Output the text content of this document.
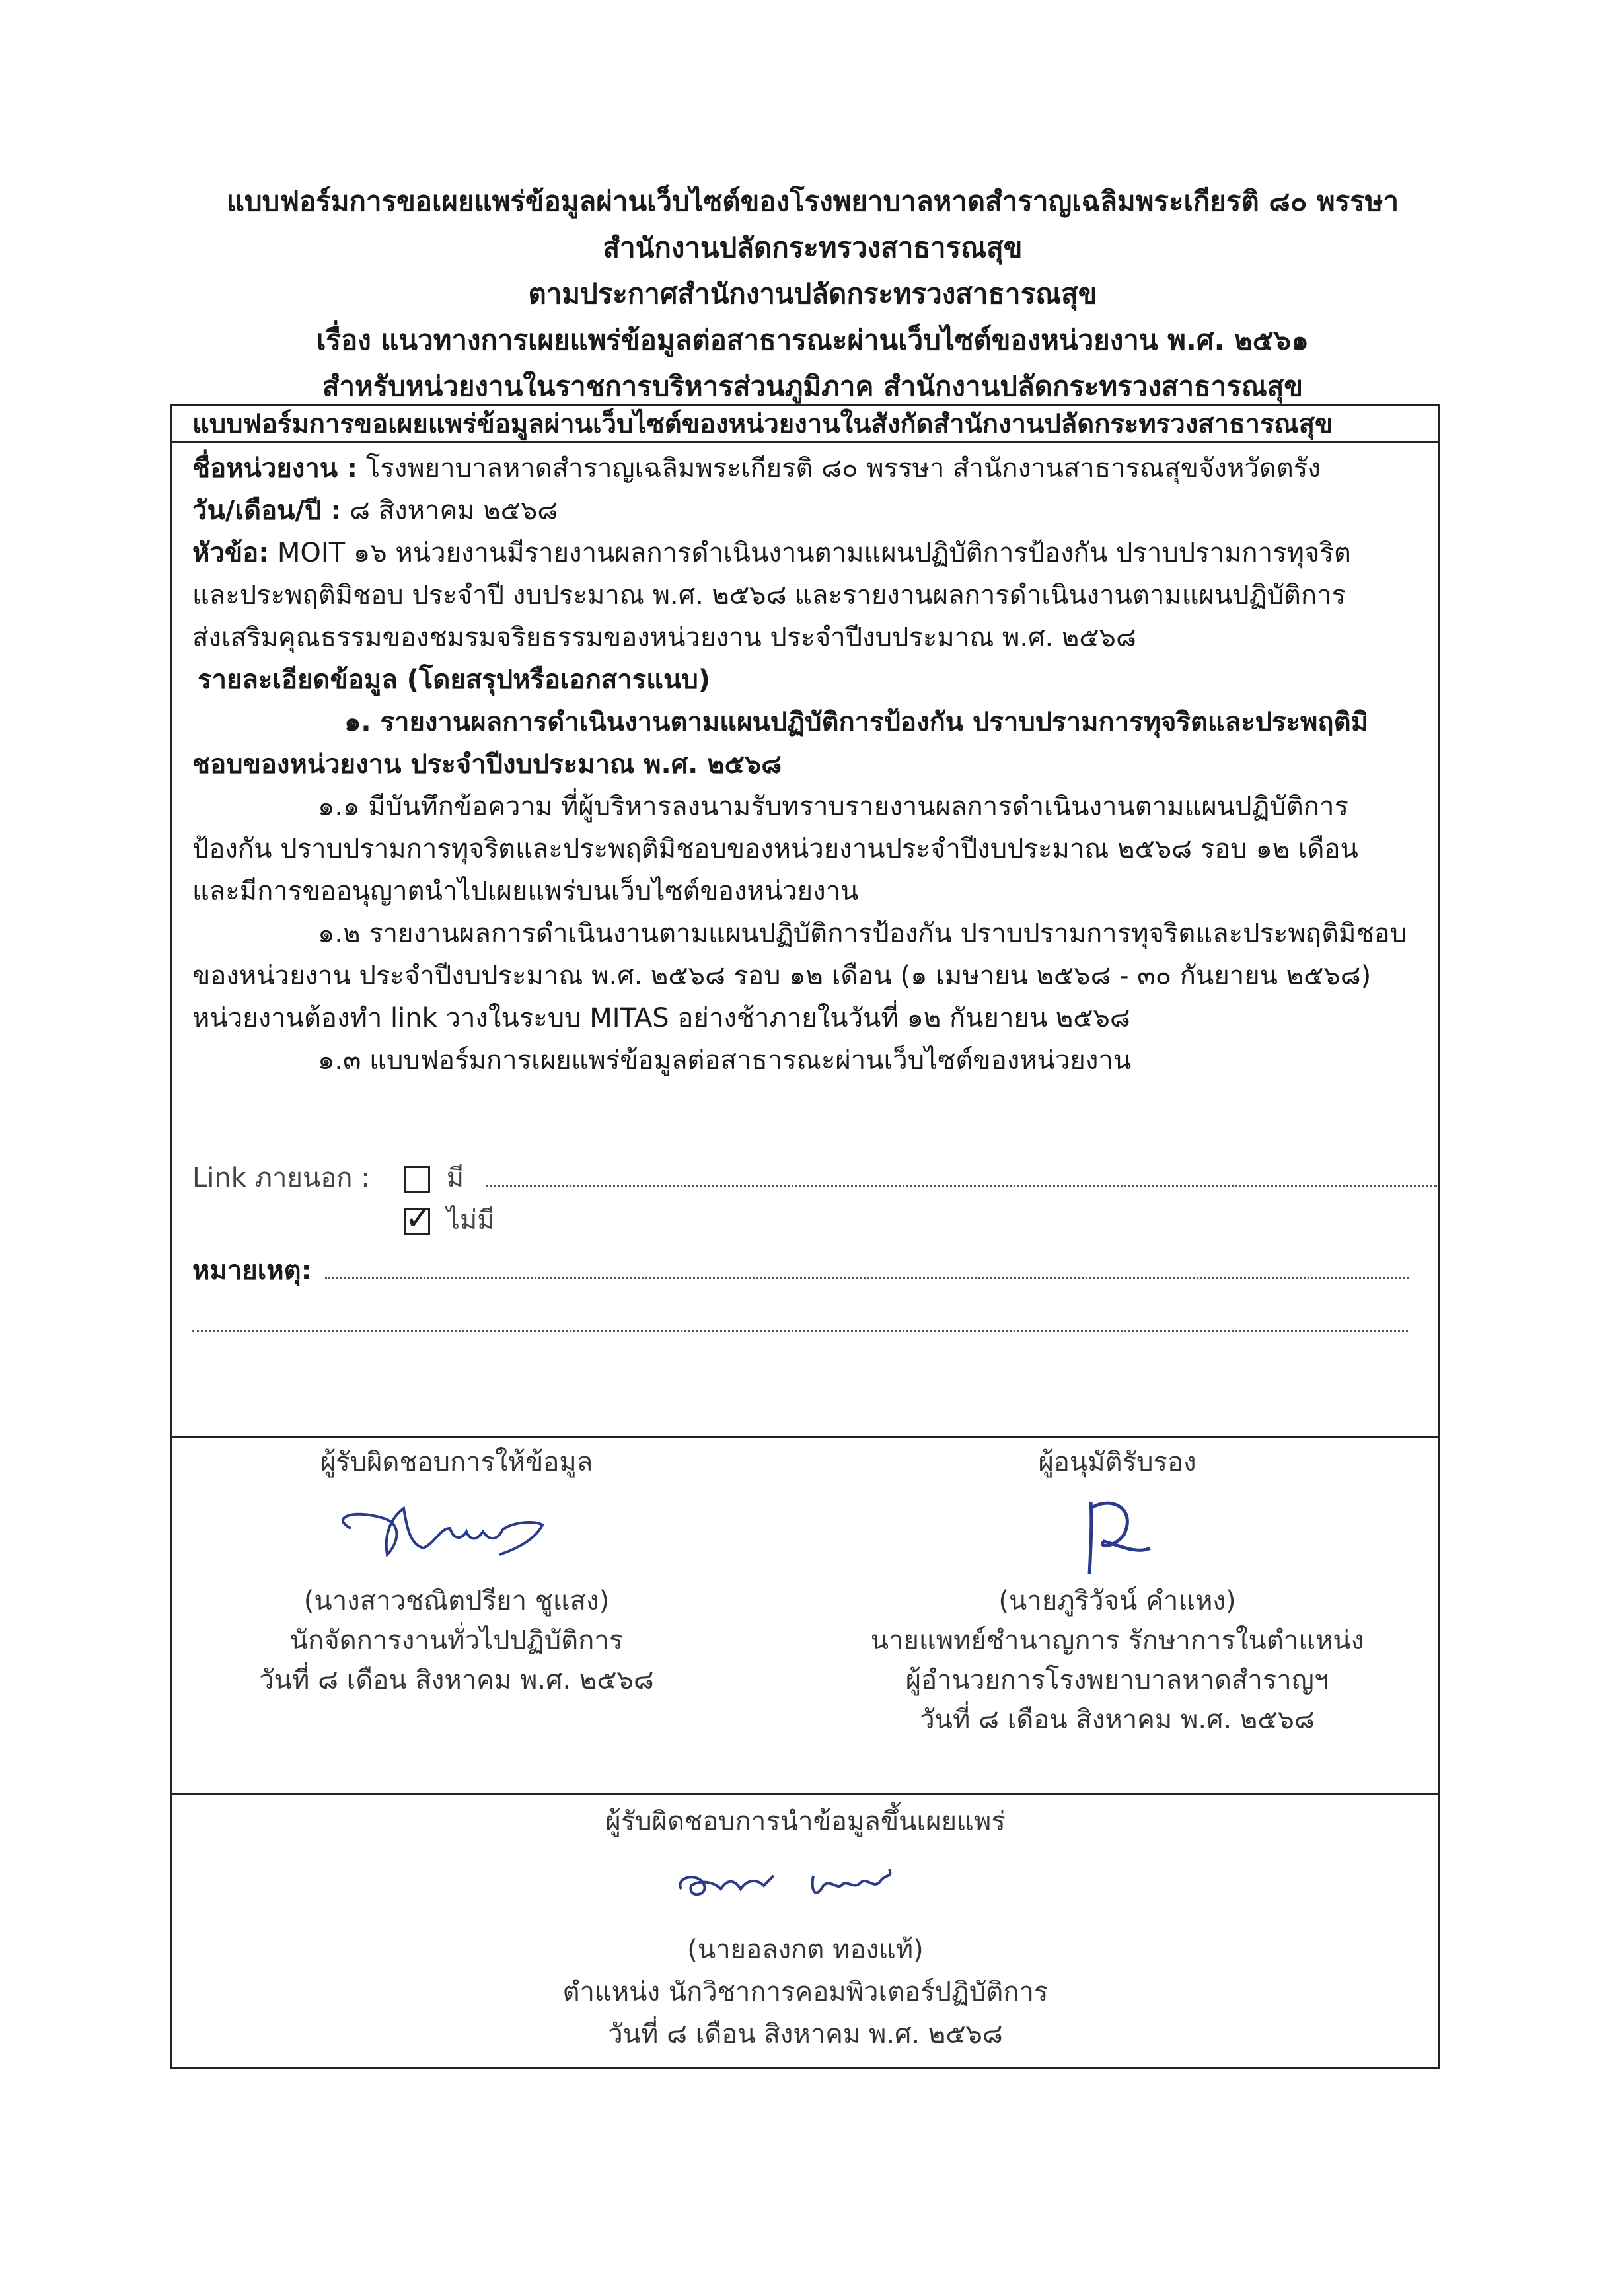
แบบฟอร์มการขอเผยแพร่ข้อมูลผ่านเว็บไซต์ของโรงพยาบาลหาดสำราญเฉลิมพระเกียรติ ๘๐ พรรษา
สำนักงานปลัดกระทรวงสาธารณสุข
ตามประกาศสำนักงานปลัดกระทรวงสาธารณสุข
เรื่อง แนวทางการเผยแพร่ข้อมูลต่อสาธารณะผ่านเว็บไซต์ของหน่วยงาน พ.ศ. ๒๕๖๑
สำหรับหน่วยงานในราชการบริหารส่วนภูมิภาค สำนักงานปลัดกระทรวงสาธารณสุข
แบบฟอร์มการขอเผยแพร่ข้อมูลผ่านเว็บไซต์ของหน่วยงานในสังกัดสำนักงานปลัดกระทรวงสาธารณสุข
ชื่อหน่วยงาน : โรงพยาบาลหาดสำราญเฉลิมพระเกียรติ ๘๐ พรรษา สำนักงานสาธารณสุขจังหวัดตรัง
วัน/เดือน/ปี : ๘ สิงหาคม ๒๕๖๘
หัวข้อ: MOIT ๑๖ หน่วยงานมีรายงานผลการดำเนินงานตามแผนปฏิบัติการป้องกัน ปราบปรามการทุจริต
และประพฤติมิชอบ ประจำปี งบประมาณ พ.ศ. ๒๕๖๘ และรายงานผลการดำเนินงานตามแผนปฏิบัติการ
ส่งเสริมคุณธรรมของชมรมจริยธรรมของหน่วยงาน ประจำปีงบประมาณ พ.ศ. ๒๕๖๘
รายละเอียดข้อมูล (โดยสรุปหรือเอกสารแนบ)
๑. รายงานผลการดำเนินงานตามแผนปฏิบัติการป้องกัน ปราบปรามการทุจริตและประพฤติมิ
ชอบของหน่วยงาน ประจำปีงบประมาณ พ.ศ. ๒๕๖๘
๑.๑ มีบันทึกข้อความ ที่ผู้บริหารลงนามรับทราบรายงานผลการดำเนินงานตามแผนปฏิบัติการ
ป้องกัน ปราบปรามการทุจริตและประพฤติมิชอบของหน่วยงานประจำปีงบประมาณ ๒๕๖๘ รอบ ๑๒ เดือน
และมีการขออนุญาตนำไปเผยแพร่บนเว็บไซต์ของหน่วยงาน
๑.๒ รายงานผลการดำเนินงานตามแผนปฏิบัติการป้องกัน ปราบปรามการทุจริตและประพฤติมิชอบ
ของหน่วยงาน ประจำปีงบประมาณ พ.ศ. ๒๕๖๘ รอบ ๑๒ เดือน (๑ เมษายน ๒๕๖๘ - ๓๐ กันยายน ๒๕๖๘)
หน่วยงานต้องทำ link วางในระบบ MITAS อย่างช้าภายในวันที่ ๑๒ กันยายน ๒๕๖๘
๑.๓ แบบฟอร์มการเผยแพร่ข้อมูลต่อสาธารณะผ่านเว็บไซต์ของหน่วยงาน
Link ภายนอก :	มี
✓ ไม่มี
หมายเหตุ:
ผู้รับผิดชอบการให้ข้อมูล
(นางสาวชณิตปรียา ชูแสง)
นักจัดการงานทั่วไปปฏิบัติการ
วันที่ ๘ เดือน สิงหาคม พ.ศ. ๒๕๖๘
ผู้อนุมัติรับรอง
(นายภูริวัจน์ คำแหง)
นายแพทย์ชำนาญการ รักษาการในตำแหน่ง
ผู้อำนวยการโรงพยาบาลหาดสำราญฯ
วันที่ ๘ เดือน สิงหาคม พ.ศ. ๒๕๖๘
ผู้รับผิดชอบการนำข้อมูลขึ้นเผยแพร่
(นายอลงกต ทองแท้)
ตำแหน่ง นักวิชาการคอมพิวเตอร์ปฏิบัติการ
วันที่ ๘ เดือน สิงหาคม พ.ศ. ๒๕๖๘
